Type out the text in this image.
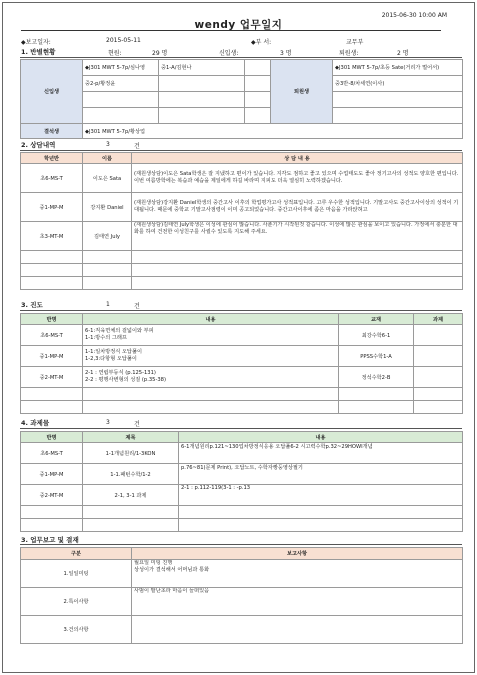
2015-06-30 10:00 AM
wendy 업무일지
◆보고일자:	2015-05-11	◆부 서:	교무부
1. 반별현황	현원:	29 명	신입생:	3 명	퇴원생:	2 명
신입생	◆J301 MWT 5-7p/심나영	중1-A/김현나		퇴원생	◆J301 MWT 5-7p/초등 Sate(거리가 멀어서)
	중2-p/황정윤				중3반-8/차세연(이사)

결석생	◆J301 MWT 5-7p/황상업				
2. 상담내역	3	건
학년반	이름	상 담 내 용
초6-MS-T	이도은 Sata	(재원생상담)이도은 Sata학생은 잘 지냈하고 편이가 있습니다. 지각도 점하고 좋고 있으며 수업태도도 좋아 정기고사의 성적도 양호한 편입니다. 이번 여름방학에는 복습과 예습을 제일에게 하길 바라며 지피도 더욱 열심히 노력하겠습니다.
중1-MP-M	강지환 Daniel	(재원생상담)강지환 Daniel학생의 중간고사 이후의 학업평가고사 성적표입니다. 고루 우수한 성적입니다. 기말고사도 중간고사이상의 성적이 기대됩니다. 때문에 중학교 기말고사점령이 이미 공고되었습니다. 중간고사이후에 좀은 마음을 가라앉혀고
초3-MT-M	김태연 July	(재원생상담)김태연 July학생은 이성에 관심이 많습니다. 사춘기가 시작된것 같습니다. 이성에 많은 관심을 보이고 있습니다. 가정에서 충분한 대화를 하여 건전한 이성친구를 사귈수 있도록 지도해 주세요.

3. 진도	1	건
반명	내용	교재	과제
초6-MS-T	6-1:직육면체의 겉넓이와 부피
1-1:방수의 그래프	최강수학6-1	
중1-MP-M	1-1:일차방정식 오답풀이
1-2,3:다항형 오답풀이	PPSS수학1-A	
중2-MT-M	2-1 : 연립부등식 (p.125-131)
2-2 : 평행사변형의 성질 (p.35-38)	정석수학2-B	

4. 과제물	3	건
반명	제목	내용
초6-MS-T	1-1개념원리/1-3KON	6-1개념원리p.121~130업차방정식응용 오답풀6-2 시고력수학p.32~29HOWI개념
중1-MP-M	1-1.패턴수학/1-2	p.76~81(문제 Print), 오답노트, 수학자빵둥영상필기
중2-MT-M	2-1, 3-1 과제	2-1 : p.112-119(3-1 : -p.13

3. 업무보고 및 결재
구분	보고사항
1.일일미팅	월요일 미팅 진행
상성이가 결석해서 어머님과 통화

2.특이사항	사범이 팔난초라 마음이 들떠있음

3.건의사항	
